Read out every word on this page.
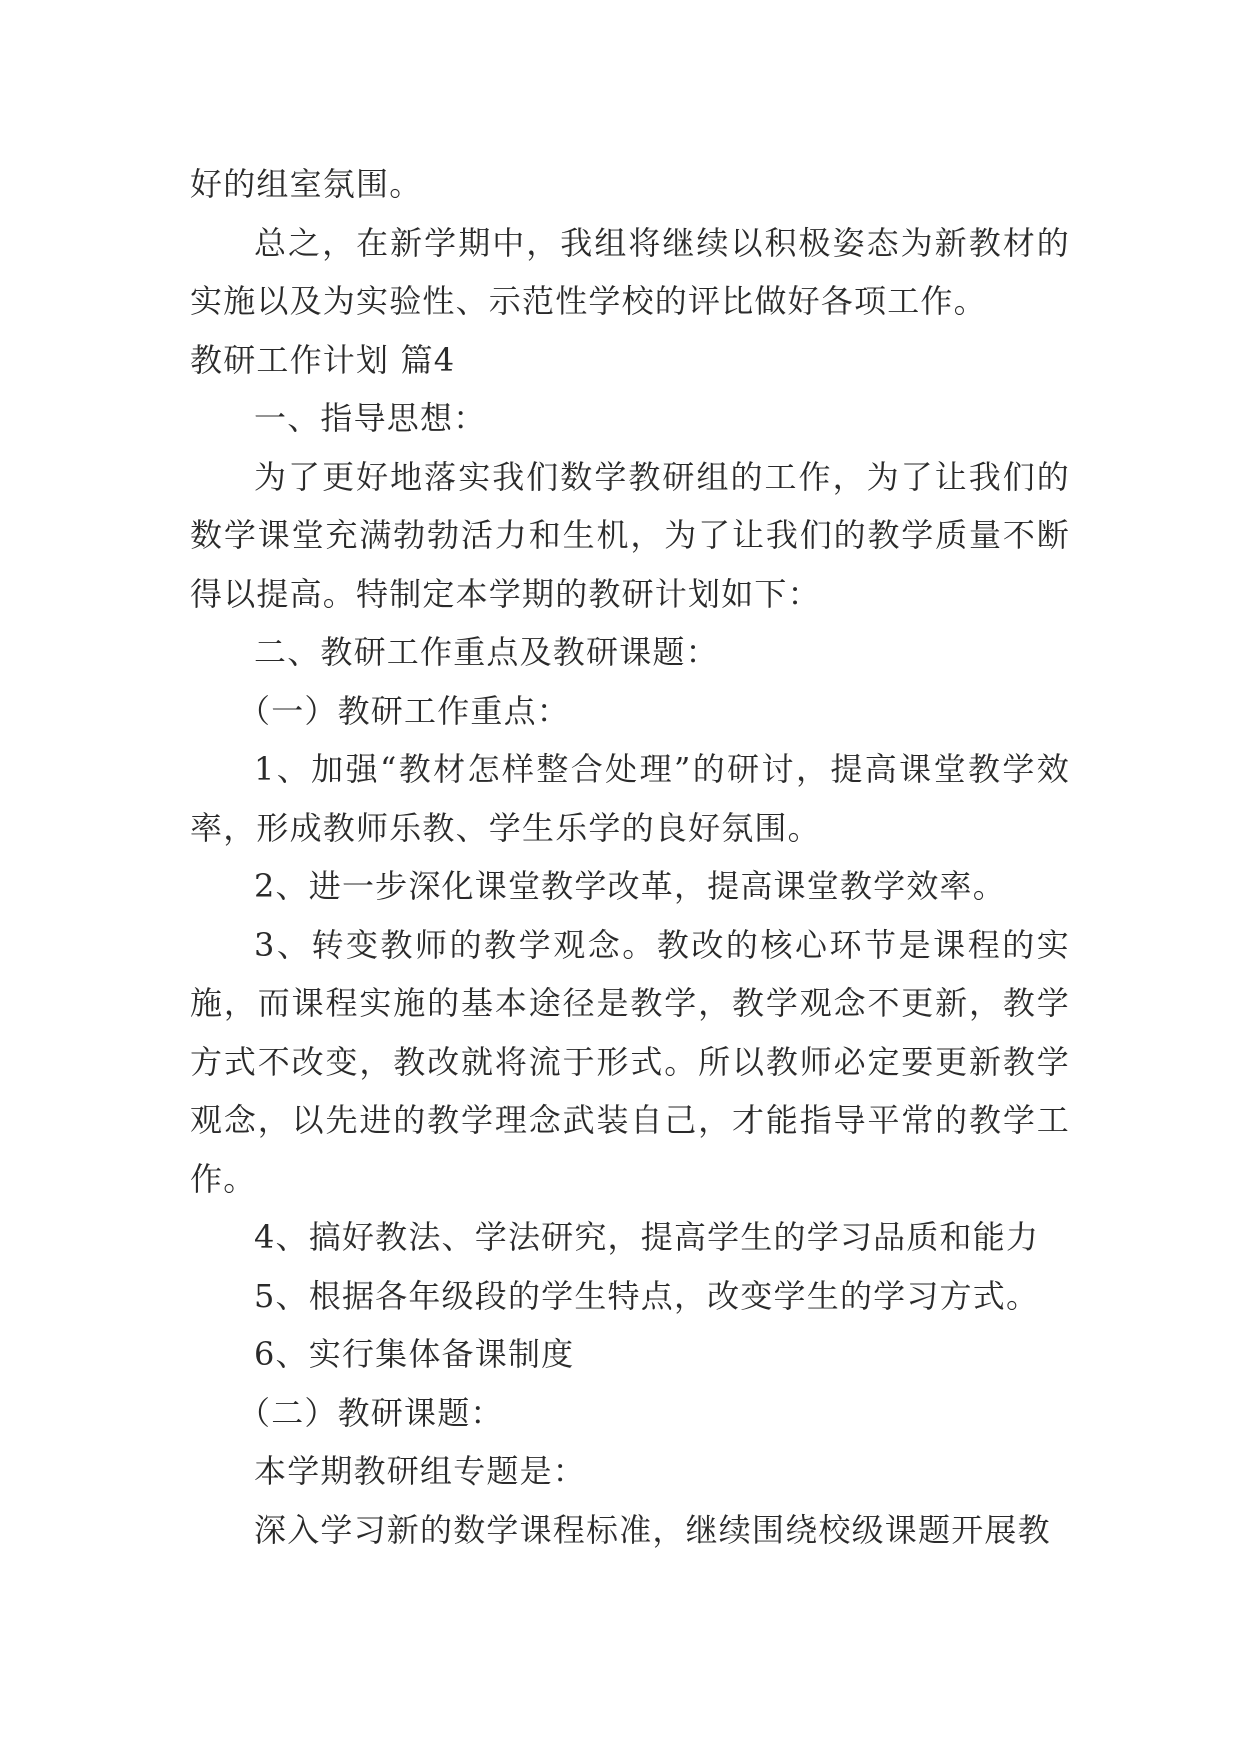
好的组室氛围。

总之，在新学期中，我组将继续以积极姿态为新教材的实施以及为实验性、示范性学校的评比做好各项工作。

教研工作计划 篇4

一、指导思想：

为了更好地落实我们数学教研组的工作，为了让我们的数学课堂充满勃勃活力和生机，为了让我们的教学质量不断得以提高。特制定本学期的教研计划如下：

二、教研工作重点及教研课题：

（一）教研工作重点：

1、加强“教材怎样整合处理”的研讨，提高课堂教学效率，形成教师乐教、学生乐学的良好氛围。

2、进一步深化课堂教学改革，提高课堂教学效率。

3、转变教师的教学观念。教改的核心环节是课程的实施，而课程实施的基本途径是教学，教学观念不更新，教学方式不改变，教改就将流于形式。所以教师必定要更新教学观念，以先进的教学理念武装自己，才能指导平常的教学工作。

4、搞好教法、学法研究，提高学生的学习品质和能力

5、根据各年级段的学生特点，改变学生的学习方式。

6、实行集体备课制度

（二）教研课题：

本学期教研组专题是：

深入学习新的数学课程标准，继续围绕校级课题开展教
